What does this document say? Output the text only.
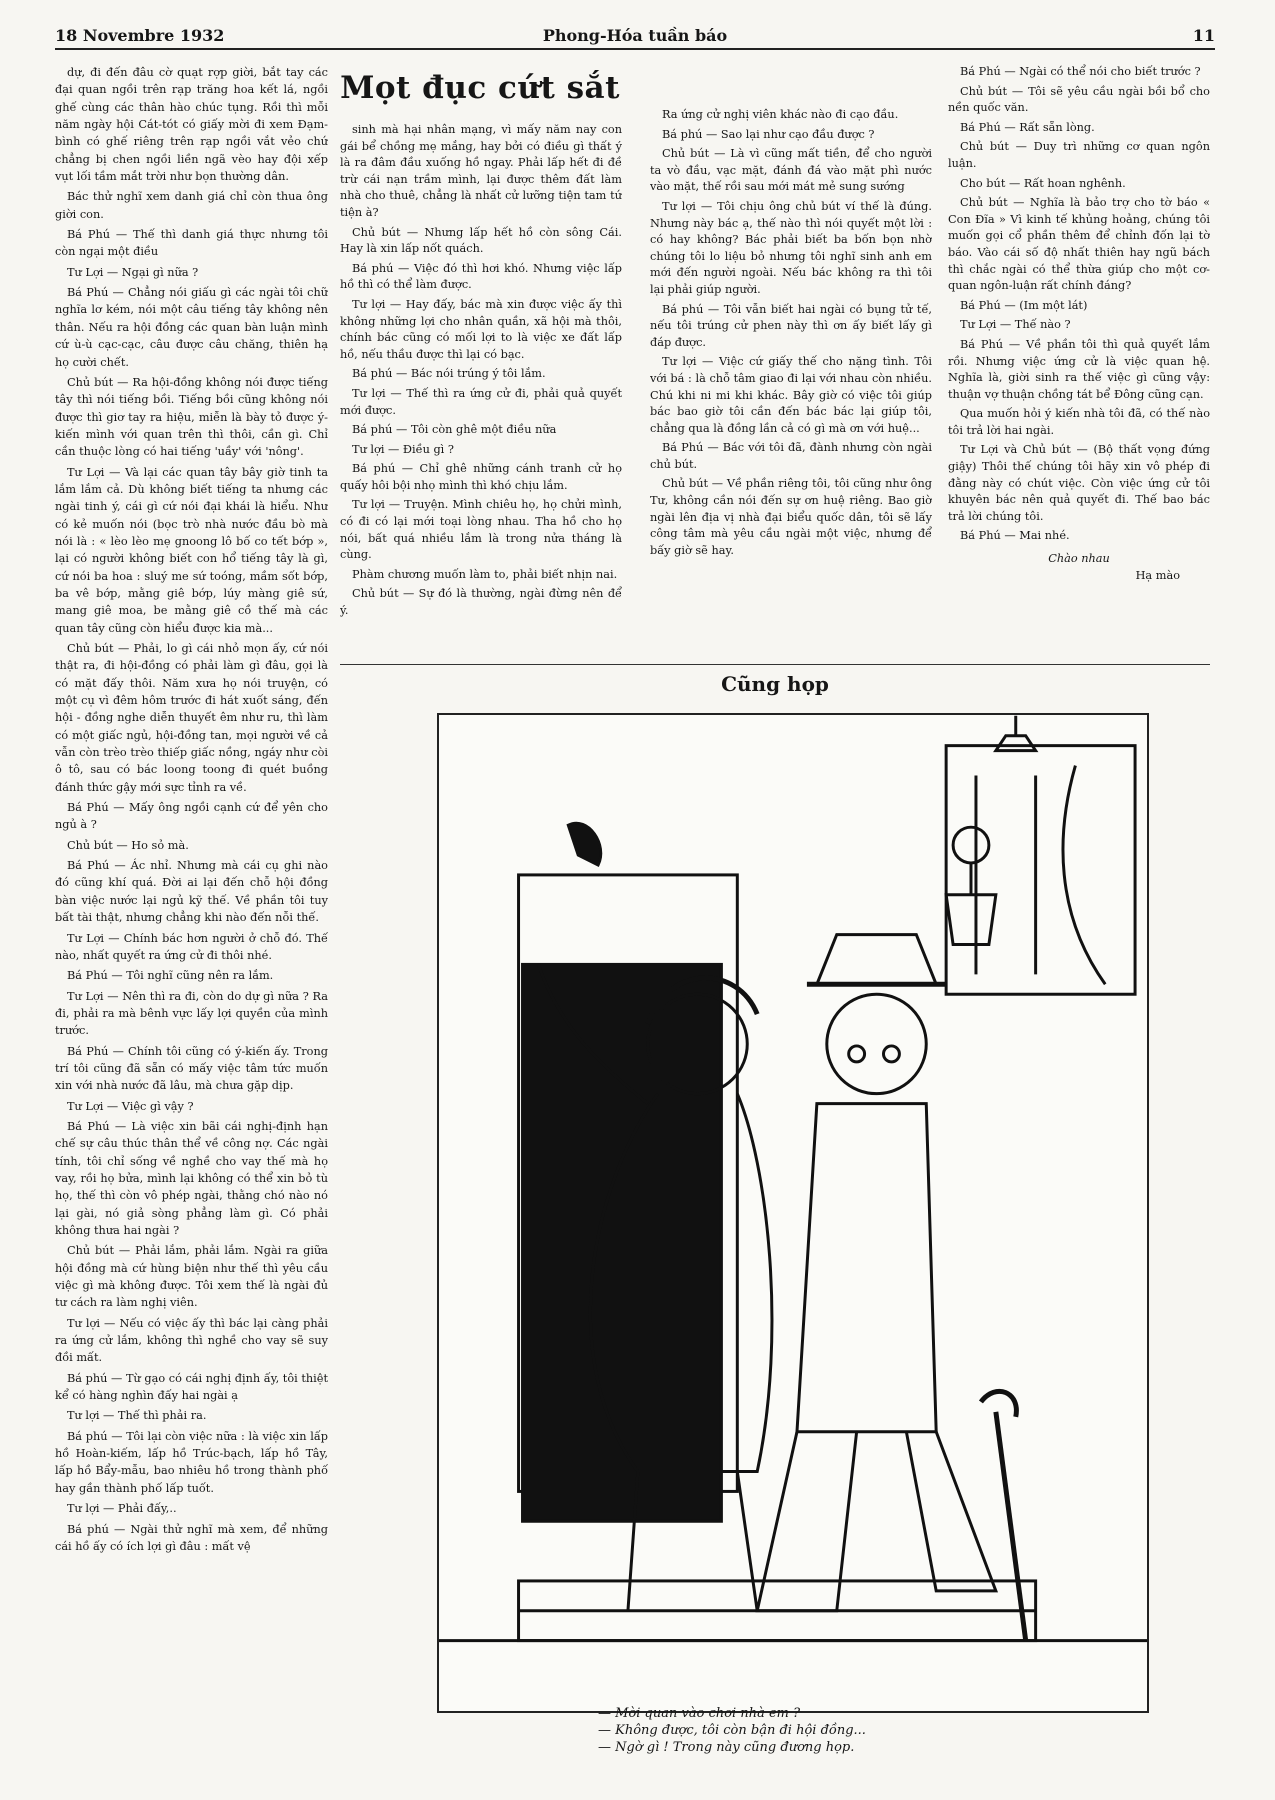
18 Novembre 1932	Phong-Hóa tuần báo	11

dự, đi đến đâu cờ quạt rợp giời, bắt tay các đại quan ngồi trên rạp trăng hoa kết lá, ngồi ghế cùng các thân hào chúc tụng. Rồi thì mỗi năm ngày hội Cát-tót có giấy mời đi xem Đạm-bình có ghế riêng trên rạp ngồi vắt vẻo chứ chẳng bị chen ngồi liền ngã vèo hay đội xếp vụt lối tầm mắt trời như bọn thường dân.

Bác thử nghĩ xem danh giá chỉ còn thua ông giời con.

Bá Phú — Thế thì danh giá thực nhưng tôi còn ngại một điều

Tư Lợi — Ngại gì nữa ?

Bá Phú — Chẳng nói giấu gì các ngài tôi chữ nghĩa lơ kém, nói một câu tiếng tây không nên thân. Nếu ra hội đồng các quan bàn luận mình cứ ù-ù cạc-cạc, câu được câu chăng, thiên hạ họ cười chết.

Chủ bút — Ra hội-đồng không nói được tiếng tây thì nói tiếng bồi. Tiếng bồi cũng không nói được thì giơ tay ra hiệu, miễn là bày tỏ được ý-kiến mình với quan trên thì thôi, cần gì. Chỉ cần thuộc lòng có hai tiếng 'uầy' với 'nông'.

Tư Lợi — Và lại các quan tây bây giờ tinh ta lắm lắm cả. Dù không biết tiếng ta nhưng các ngài tinh ý, cái gì cứ nói đại khái là hiểu. Như có kẻ muốn nói (bọc trò nhà nước đầu bò mà nói là : « lèo lèo mẹ gnoong lô bố co tết bớp », lại có người không biết con hổ tiếng tây là gì, cứ nói ba hoa : sluý me sứ toóng, mầm sốt bớp, ba vê bớp, mằng giê bớp, lúy màng giê sứ, mang giê moa, be mằng giê cồ thế mà các quan tây cũng còn hiểu được kia mà...

Chủ bút — Phải, lo gì cái nhỏ mọn ấy, cứ nói thật ra, đi hội-đồng có phải làm gì đâu, gọi là có mặt đấy thôi. Năm xưa họ nói truyện, có một cụ vì đêm hôm trước đi hát xuốt sáng, đến hội - đồng nghe diễn thuyết êm như ru, thì làm có một giấc ngủ, hội-đồng tan, mọi người về cả vẫn còn trèo trèo thiếp giấc nồng, ngáy như còi ô tô, sau có bác loong toong đi quét buồng đánh thức gậy mới sực tỉnh ra về.

Bá Phú — Mấy ông ngồi cạnh cứ để yên cho ngủ à ?

Chủ bút — Ho sỏ mà.

Bá Phú — Ác nhỉ. Nhưng mà cái cụ ghi nào đó cũng khí quá. Đời ai lại đến chỗ hội đồng bàn việc nước lại ngủ kỹ thế. Về phần tôi tuy bất tài thật, nhưng chẳng khi nào đến nỗi thế.

Tư Lợi — Chính bác hơn người ở chỗ đó. Thế nào, nhất quyết ra ứng cử đi thôi nhé.

Bá Phú — Tôi nghĩ cũng nên ra lắm.

Tư Lợi — Nên thì ra đi, còn do dự gì nữa ? Ra đi, phải ra mà bênh vực lấy lợi quyền của mình trước.

Bá Phú — Chính tôi cũng có ý-kiến ấy. Trong trí tôi cũng đã sẵn có mấy việc tâm tức muốn xin với nhà nước đã lâu, mà chưa gặp dịp.

Tư Lợi — Việc gì vậy ?

Bá Phú — Là việc xin bãi cái nghị-định hạn chế sự câu thúc thân thể về công nợ. Các ngài tính, tôi chỉ sống về nghề cho vay thế mà họ vay, rồi họ bửa, mình lại không có thể xin bỏ tù họ, thế thì còn vô phép ngài, thằng chó nào nó lại gài, nó giả sòng phẳng làm gì. Có phải không thưa hai ngài ?

Chủ bút — Phải lắm, phải lắm. Ngài ra giữa hội đồng mà cứ hùng biện như thế thì yêu cầu việc gì mà không được. Tôi xem thế là ngài đủ tư cách ra làm nghị viên.

Tư lợi — Nếu có việc ấy thì bác lại càng phải ra ứng cử lắm, không thì nghề cho vay sẽ suy đồi mất.

Bá phú — Từ gạo có cái nghị định ấy, tôi thiệt kể có hàng nghìn đấy hai ngài ạ

Tư lợi — Thế thì phải ra.

Bá phú — Tôi lại còn việc nữa : là việc xin lấp hồ Hoàn-kiếm, lấp hồ Trúc-bạch, lấp hồ Tây, lấp hồ Bẩy-mẫu, bao nhiêu hồ trong thành phố hay gần thành phố lấp tuốt.

Tư lợi — Phải đấy,..

Bá phú — Ngài thử nghĩ mà xem, để những cái hồ ấy có ích lợi gì đâu : mất vệ

Mọt đục cứt sắt

sinh mà hại nhân mạng, vì mấy năm nay con gái bể chồng mẹ mắng, hay bởi có điều gì thất ý là ra đâm đầu xuống hồ ngay. Phải lấp hết đi đề trừ cái nạn trầm mình, lại được thêm đất làm nhà cho thuê, chẳng là nhất cử lưỡng tiện tam tứ tiện à?

Chủ bút — Nhưng lấp hết hồ còn sông Cái. Hay là xin lấp nốt quách.

Bá phú — Việc đó thì hơi khó. Nhưng việc lấp hồ thì có thể làm được.

Tư lợi — Hay đấy, bác mà xin được việc ấy thì không những lợi cho nhân quần, xã hội mà thôi, chính bác cũng có mối lợi to là việc xe đất lấp hồ, nếu thầu được thì lại có bạc.

Bá phú — Bác nói trúng ý tôi lắm.

Tư lợi — Thế thì ra ứng cử đi, phải quả quyết mới được.

Bá phú — Tôi còn ghê một điều nữa

Tư lợi — Điều gì ?

Bá phú — Chỉ ghê những cánh tranh cử họ quấy hôi bội nhọ mình thì khó chịu lắm.

Tư lợi — Truyện. Mình chiêu họ, họ chửi mình, có đi có lại mới toại lòng nhau. Tha hồ cho họ nói, bất quá nhiều lắm là trong nửa tháng là cùng.

Phàm chương muốn làm to, phải biết nhịn nai.

Chủ bút — Sự đó là thường, ngài đừng nên để ý.

Ra ứng cử nghị viên khác nào đi cạo đầu.

Bá phú — Sao lại như cạo đầu được ?

Chủ bút — Là vì cũng mất tiền, để cho người ta vò đầu, vạc mặt, đánh đá vào mặt phì nước vào mặt, thế rồi sau mới mát mẻ sung sướng

Tư lợi — Tôi chịu ông chủ bút ví thế là đúng. Nhưng này bác ạ, thế nào thì nói quyết một lời : có hay không? Bác phải biết ba bốn bọn nhờ chúng tôi lo liệu bỏ nhưng tôi nghĩ sinh anh em mới đến người ngoài. Nếu bác không ra thì tôi lại phải giúp người.

Bá phú — Tôi vẫn biết hai ngài có bụng tử tế, nếu tôi trúng cử phen này thì ơn ấy biết lấy gì đáp được.

Tư lợi — Việc cứ giấy thế cho nặng tình. Tôi với bá : là chỗ tâm giao đi lại với nhau còn nhiều. Chú khi ni mi khi khác. Bây giờ có việc tôi giúp bác bao giờ tôi cần đến bác bác lại giúp tôi, chẳng qua là đồng lần cả có gì mà ơn với huệ...

Bá Phú — Bác với tôi đã, đành nhưng còn ngài chủ bút.

Chủ bút — Về phần riêng tôi, tôi cũng như ông Tư, không cần nói đến sự ơn huệ riêng. Bao giờ ngài lên địa vị nhà đại biểu quốc dân, tôi sẽ lấy công tâm mà yêu cầu ngài một việc, nhưng để bấy giờ sẽ hay.

Bá Phú — Ngài có thể nói cho biết trước ?

Chủ bút — Tôi sẽ yêu cầu ngài bồi bổ cho nền quốc văn.

Bá Phú — Rất sẵn lòng.

Chủ bút — Duy trì những cơ quan ngôn luận.

Cho bút — Rất hoan nghênh.

Chủ bút — Nghĩa là bảo trợ cho tờ báo « Con Đĩa » Vì kinh tế khủng hoảng, chúng tôi muốn gọi cổ phần thêm để chỉnh đốn lại tờ báo. Vào cái số độ nhất thiên hay ngũ bách thì chắc ngài có thể thừa giúp cho một cơ-quan ngôn-luận rất chính đáng?

Bá Phú — (Im một lát)

Tư Lợi — Thế nào ?

Bá Phú — Về phần tôi thì quả quyết lắm rồi. Nhưng việc ứng cử là việc quan hệ. Nghĩa là, giời sinh ra thế việc gì cũng vậy: thuận vợ thuận chồng tát bể Đông cũng cạn.

Qua muốn hỏi ý kiến nhà tôi đã, có thế nào tôi trả lời hai ngài.

Tư Lợi và Chủ bút — (Bộ thất vọng đứng giậy) Thôi thế chúng tôi hãy xin vô phép đi đằng này có chút việc. Còn việc ứng cử tôi khuyên bác nên quả quyết đi. Thế bao bác trả lời chúng tôi.

Bá Phú — Mai nhé.

Chào nhau
Hạ mào
Cũng họp
— Mời quan vào chơi nhà em ?
— Không được, tôi còn bận đi hội đồng...
— Ngờ gì ! Trong này cũng đương họp.
